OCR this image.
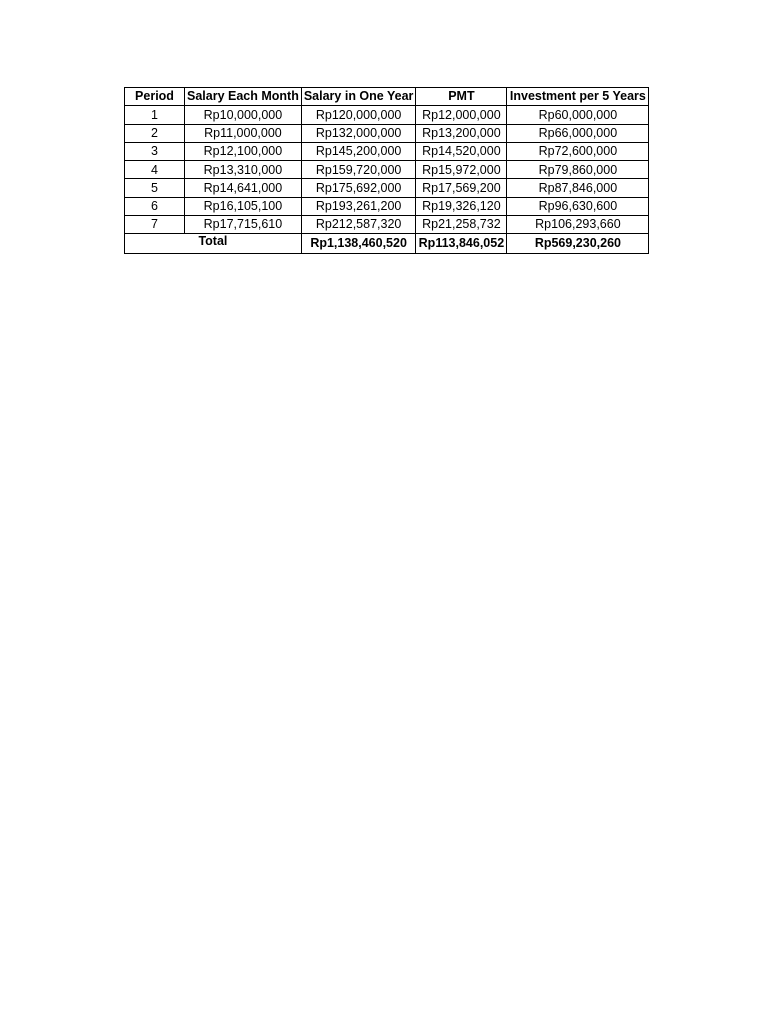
Period	Salary Each Month	Salary in One Year	PMT	Investment per 5 Years
1	Rp10,000,000	Rp120,000,000	Rp12,000,000	Rp60,000,000
2	Rp11,000,000	Rp132,000,000	Rp13,200,000	Rp66,000,000
3	Rp12,100,000	Rp145,200,000	Rp14,520,000	Rp72,600,000
4	Rp13,310,000	Rp159,720,000	Rp15,972,000	Rp79,860,000
5	Rp14,641,000	Rp175,692,000	Rp17,569,200	Rp87,846,000
6	Rp16,105,100	Rp193,261,200	Rp19,326,120	Rp96,630,600
7	Rp17,715,610	Rp212,587,320	Rp21,258,732	Rp106,293,660
Total		Rp1,138,460,520	Rp113,846,052	Rp569,230,260
